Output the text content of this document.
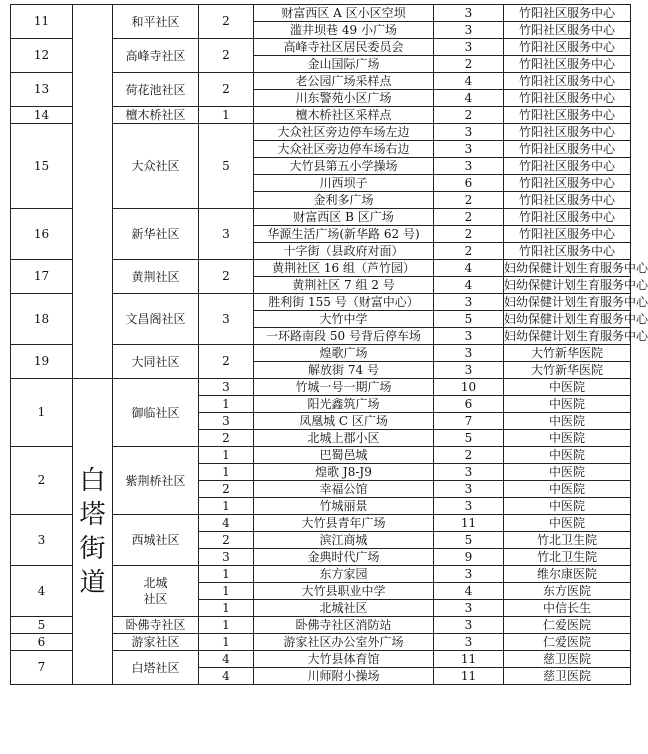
11		和平社区	2	财富西区 A 区小区空坝	3	竹阳社区服务中心
				滥井坝巷 49 小广场	3	竹阳社区服务中心
12		高峰寺社区	2	高峰寺社区居民委员会	3	竹阳社区服务中心
				金山国际广场	2	竹阳社区服务中心
13		荷花池社区	2	老公园广场采样点	4	竹阳社区服务中心
				川东警苑小区广场	4	竹阳社区服务中心
14		檀木桥社区	1	檀木桥社区采样点	2	竹阳社区服务中心
15		大众社区	5	大众社区旁边停车场左边	3	竹阳社区服务中心
				大众社区旁边停车场右边	3	竹阳社区服务中心
				大竹县第五小学操场	3	竹阳社区服务中心
				川西坝子	6	竹阳社区服务中心
				金利多广场	2	竹阳社区服务中心
16		新华社区	3	财富西区 B 区广场	2	竹阳社区服务中心
				华源生活广场(新华路 62 号)	2	竹阳社区服务中心
				十字街（县政府对面）	2	竹阳社区服务中心
17		黄荆社区	2	黄荆社区 16 组（芦竹园）	4	妇幼保健计划生育服务中心
				黄荆社区 7 组 2 号	4	妇幼保健计划生育服务中心
18		文昌阁社区	3	胜利街 155 号（财富中心）	3	妇幼保健计划生育服务中心
				大竹中学	5	妇幼保健计划生育服务中心
				一环路南段 50 号背后停车场	3	妇幼保健计划生育服务中心
19		大同社区	2	煌歌广场	3	大竹新华医院
				解放街 74 号	3	大竹新华医院
1	白塔街道	御临社区	3	竹城一号一期广场	10	中医院
			1	阳光鑫筑广场	6	中医院
			3	凤凰城 C 区广场	7	中医院
			2	北城上郡小区	5	中医院
2		紫荆桥社区	1	巴蜀邑城	2	中医院
			1	煌歌 J8-J9	3	中医院
			2	幸福公馆	3	中医院
			1	竹城丽景	3	中医院
3		西城社区	4	大竹县青年广场	11	中医院
			2	滨江商城	5	竹北卫生院
			3	金典时代广场	9	竹北卫生院
4		北城
社区	1	东方家园	3	维尔康医院
			1	大竹县职业中学	4	东方医院
			1	北城社区	3	中信长生
5		卧佛寺社区	1	卧佛寺社区消防站	3	仁爱医院
6		游家社区	1	游家社区办公室外广场	3	仁爱医院
7		白塔社区	4	大竹县体育馆	11	慈卫医院
			4	川师附小操场	11	慈卫医院
